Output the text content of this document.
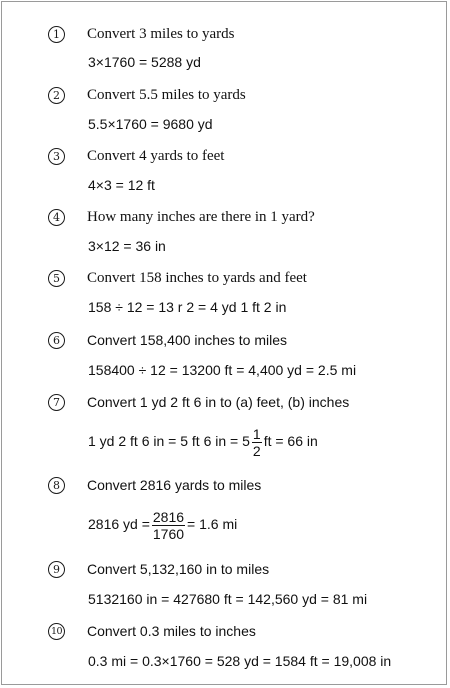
1	Convert 3 miles to yards
3×1760 = 5288 yd
2	Convert 5.5 miles to yards
5.5×1760 = 9680 yd
3	Convert 4 yards to feet
4×3 = 12 ft
4	How many inches are there in 1 yard?
3×12 = 36 in
5	Convert 158 inches to yards and feet
158 ÷ 12 = 13 r 2 = 4 yd 1 ft 2 in
6	Convert 158,400 inches to miles
158400 ÷ 12 = 13200 ft = 4,400 yd = 2.5 mi
7	Convert 1 yd 2 ft 6 in to (a) feet, (b) inches
1 yd 2 ft 6 in = 5 ft 6 in = $5 \frac{1}{2}$ ft = 66 in
8	Convert 2816 yards to miles
2816 yd = $\frac{2816}{1760} = 1.6$ mi
9	Convert 5,132,160 in to miles
5132160 in = 427680 ft = 142,560 yd = 81 mi
10 Convert 0.3 miles to inches
0.3 mi = 0.3×1760 = 528 yd = 1584 ft = 19,008 in
